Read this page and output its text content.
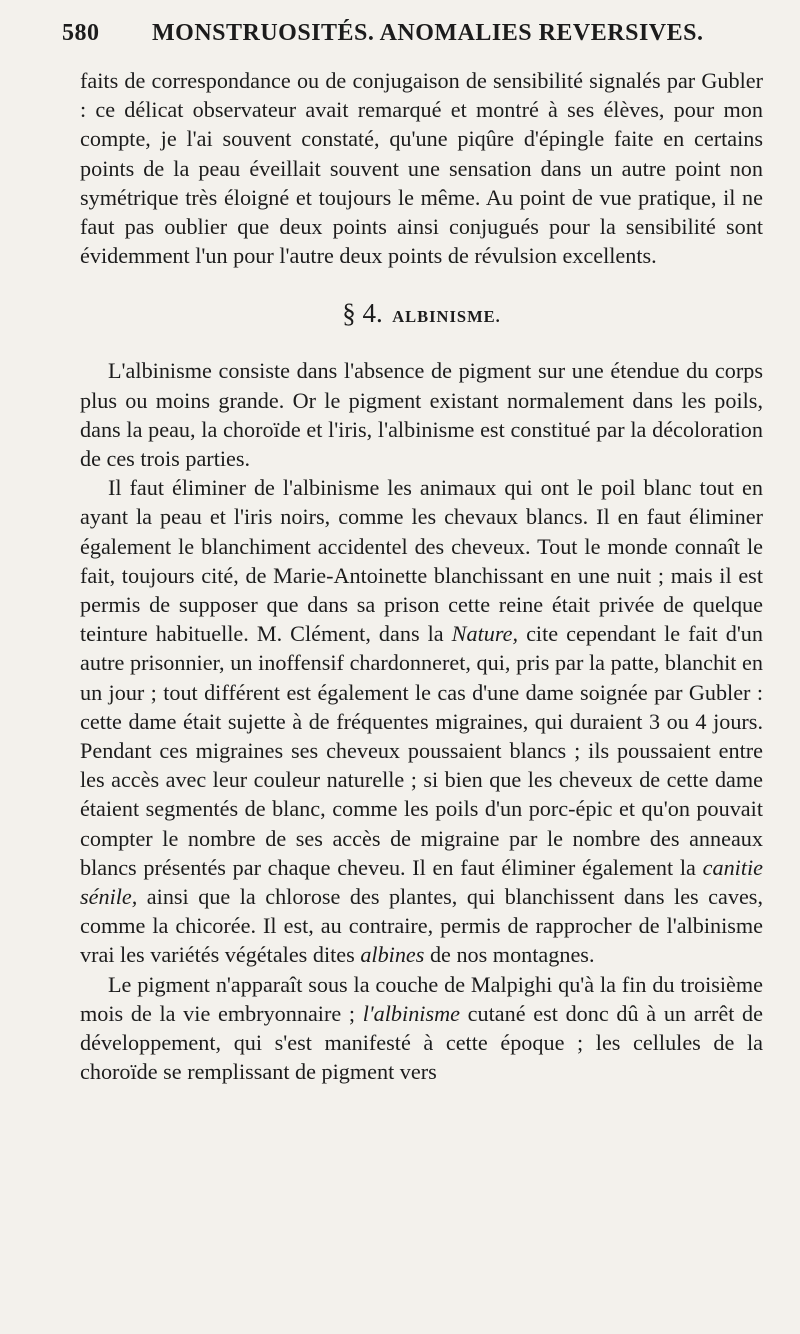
580 MONSTRUOSITÉS. ANOMALIES REVERSIVES.

faits de correspondance ou de conjugaison de sensibilité signalés par Gubler : ce délicat observateur avait remarqué et montré à ses élèves, pour mon compte, je l'ai souvent constaté, qu'une piqûre d'épingle faite en certains points de la peau éveillait souvent une sensation dans un autre point non symétrique très éloigné et toujours le même. Au point de vue pratique, il ne faut pas oublier que deux points ainsi conjugués pour la sensibilité sont évidemment l'un pour l'autre deux points de révulsion excellents.

§ 4. ALBINISME.

L'albinisme consiste dans l'absence de pigment sur une étendue du corps plus ou moins grande. Or le pigment existant normalement dans les poils, dans la peau, la choroïde et l'iris, l'albinisme est constitué par la décoloration de ces trois parties.

Il faut éliminer de l'albinisme les animaux qui ont le poil blanc tout en ayant la peau et l'iris noirs, comme les chevaux blancs. Il en faut éliminer également le blanchiment accidentel des cheveux. Tout le monde connaît le fait, toujours cité, de Marie-Antoinette blanchissant en une nuit ; mais il est permis de supposer que dans sa prison cette reine était privée de quelque teinture habituelle. M. Clément, dans la Nature, cite cependant le fait d'un autre prisonnier, un inoffensif chardonneret, qui, pris par la patte, blanchit en un jour ; tout différent est également le cas d'une dame soignée par Gubler : cette dame était sujette à de fréquentes migraines, qui duraient 3 ou 4 jours. Pendant ces migraines ses cheveux poussaient blancs ; ils poussaient entre les accès avec leur couleur naturelle ; si bien que les cheveux de cette dame étaient segmentés de blanc, comme les poils d'un porc-épic et qu'on pouvait compter le nombre de ses accès de migraine par le nombre des anneaux blancs présentés par chaque cheveu. Il en faut éliminer également la canitie sénile, ainsi que la chlorose des plantes, qui blanchissent dans les caves, comme la chicorée. Il est, au contraire, permis de rapprocher de l'albinisme vrai les variétés végétales dites albines de nos montagnes.

Le pigment n'apparaît sous la couche de Malpighi qu'à la fin du troisième mois de la vie embryonnaire ; l'albinisme cutané est donc dû à un arrêt de développement, qui s'est manifesté à cette époque ; les cellules de la choroïde se remplissant de pigment vers
